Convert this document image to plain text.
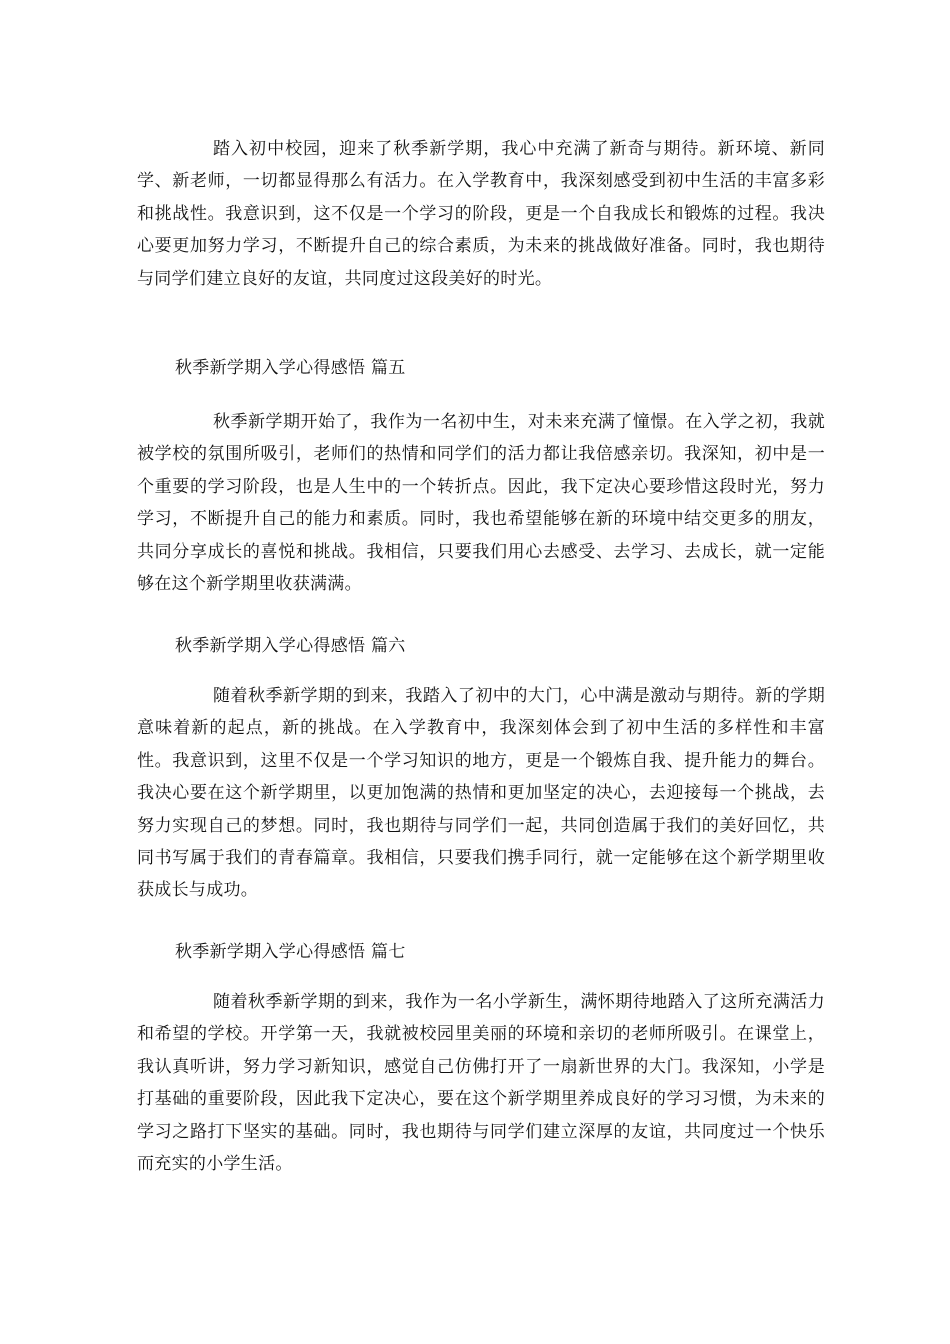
踏入初中校园，迎来了秋季新学期，我心中充满了新奇与期待。新环境、新同学、新老师，一切都显得那么有活力。在入学教育中，我深刻感受到初中生活的丰富多彩和挑战性。我意识到，这不仅是一个学习的阶段，更是一个自我成长和锻炼的过程。我决心要更加努力学习，不断提升自己的综合素质，为未来的挑战做好准备。同时，我也期待与同学们建立良好的友谊，共同度过这段美好的时光。

秋季新学期入学心得感悟 篇五

秋季新学期开始了，我作为一名初中生，对未来充满了憧憬。在入学之初，我就被学校的氛围所吸引，老师们的热情和同学们的活力都让我倍感亲切。我深知，初中是一个重要的学习阶段，也是人生中的一个转折点。因此，我下定决心要珍惜这段时光，努力学习，不断提升自己的能力和素质。同时，我也希望能够在新的环境中结交更多的朋友，共同分享成长的喜悦和挑战。我相信，只要我们用心去感受、去学习、去成长，就一定能够在这个新学期里收获满满。

秋季新学期入学心得感悟 篇六

随着秋季新学期的到来，我踏入了初中的大门，心中满是激动与期待。新的学期意味着新的起点，新的挑战。在入学教育中，我深刻体会到了初中生活的多样性和丰富性。我意识到，这里不仅是一个学习知识的地方，更是一个锻炼自我、提升能力的舞台。我决心要在这个新学期里，以更加饱满的热情和更加坚定的决心，去迎接每一个挑战，去努力实现自己的梦想。同时，我也期待与同学们一起，共同创造属于我们的美好回忆，共同书写属于我们的青春篇章。我相信，只要我们携手同行，就一定能够在这个新学期里收获成长与成功。

秋季新学期入学心得感悟 篇七

随着秋季新学期的到来，我作为一名小学新生，满怀期待地踏入了这所充满活力和希望的学校。开学第一天，我就被校园里美丽的环境和亲切的老师所吸引。在课堂上，我认真听讲，努力学习新知识，感觉自己仿佛打开了一扇新世界的大门。我深知，小学是打基础的重要阶段，因此我下定决心，要在这个新学期里养成良好的学习习惯，为未来的学习之路打下坚实的基础。同时，我也期待与同学们建立深厚的友谊，共同度过一个快乐而充实的小学生活。
